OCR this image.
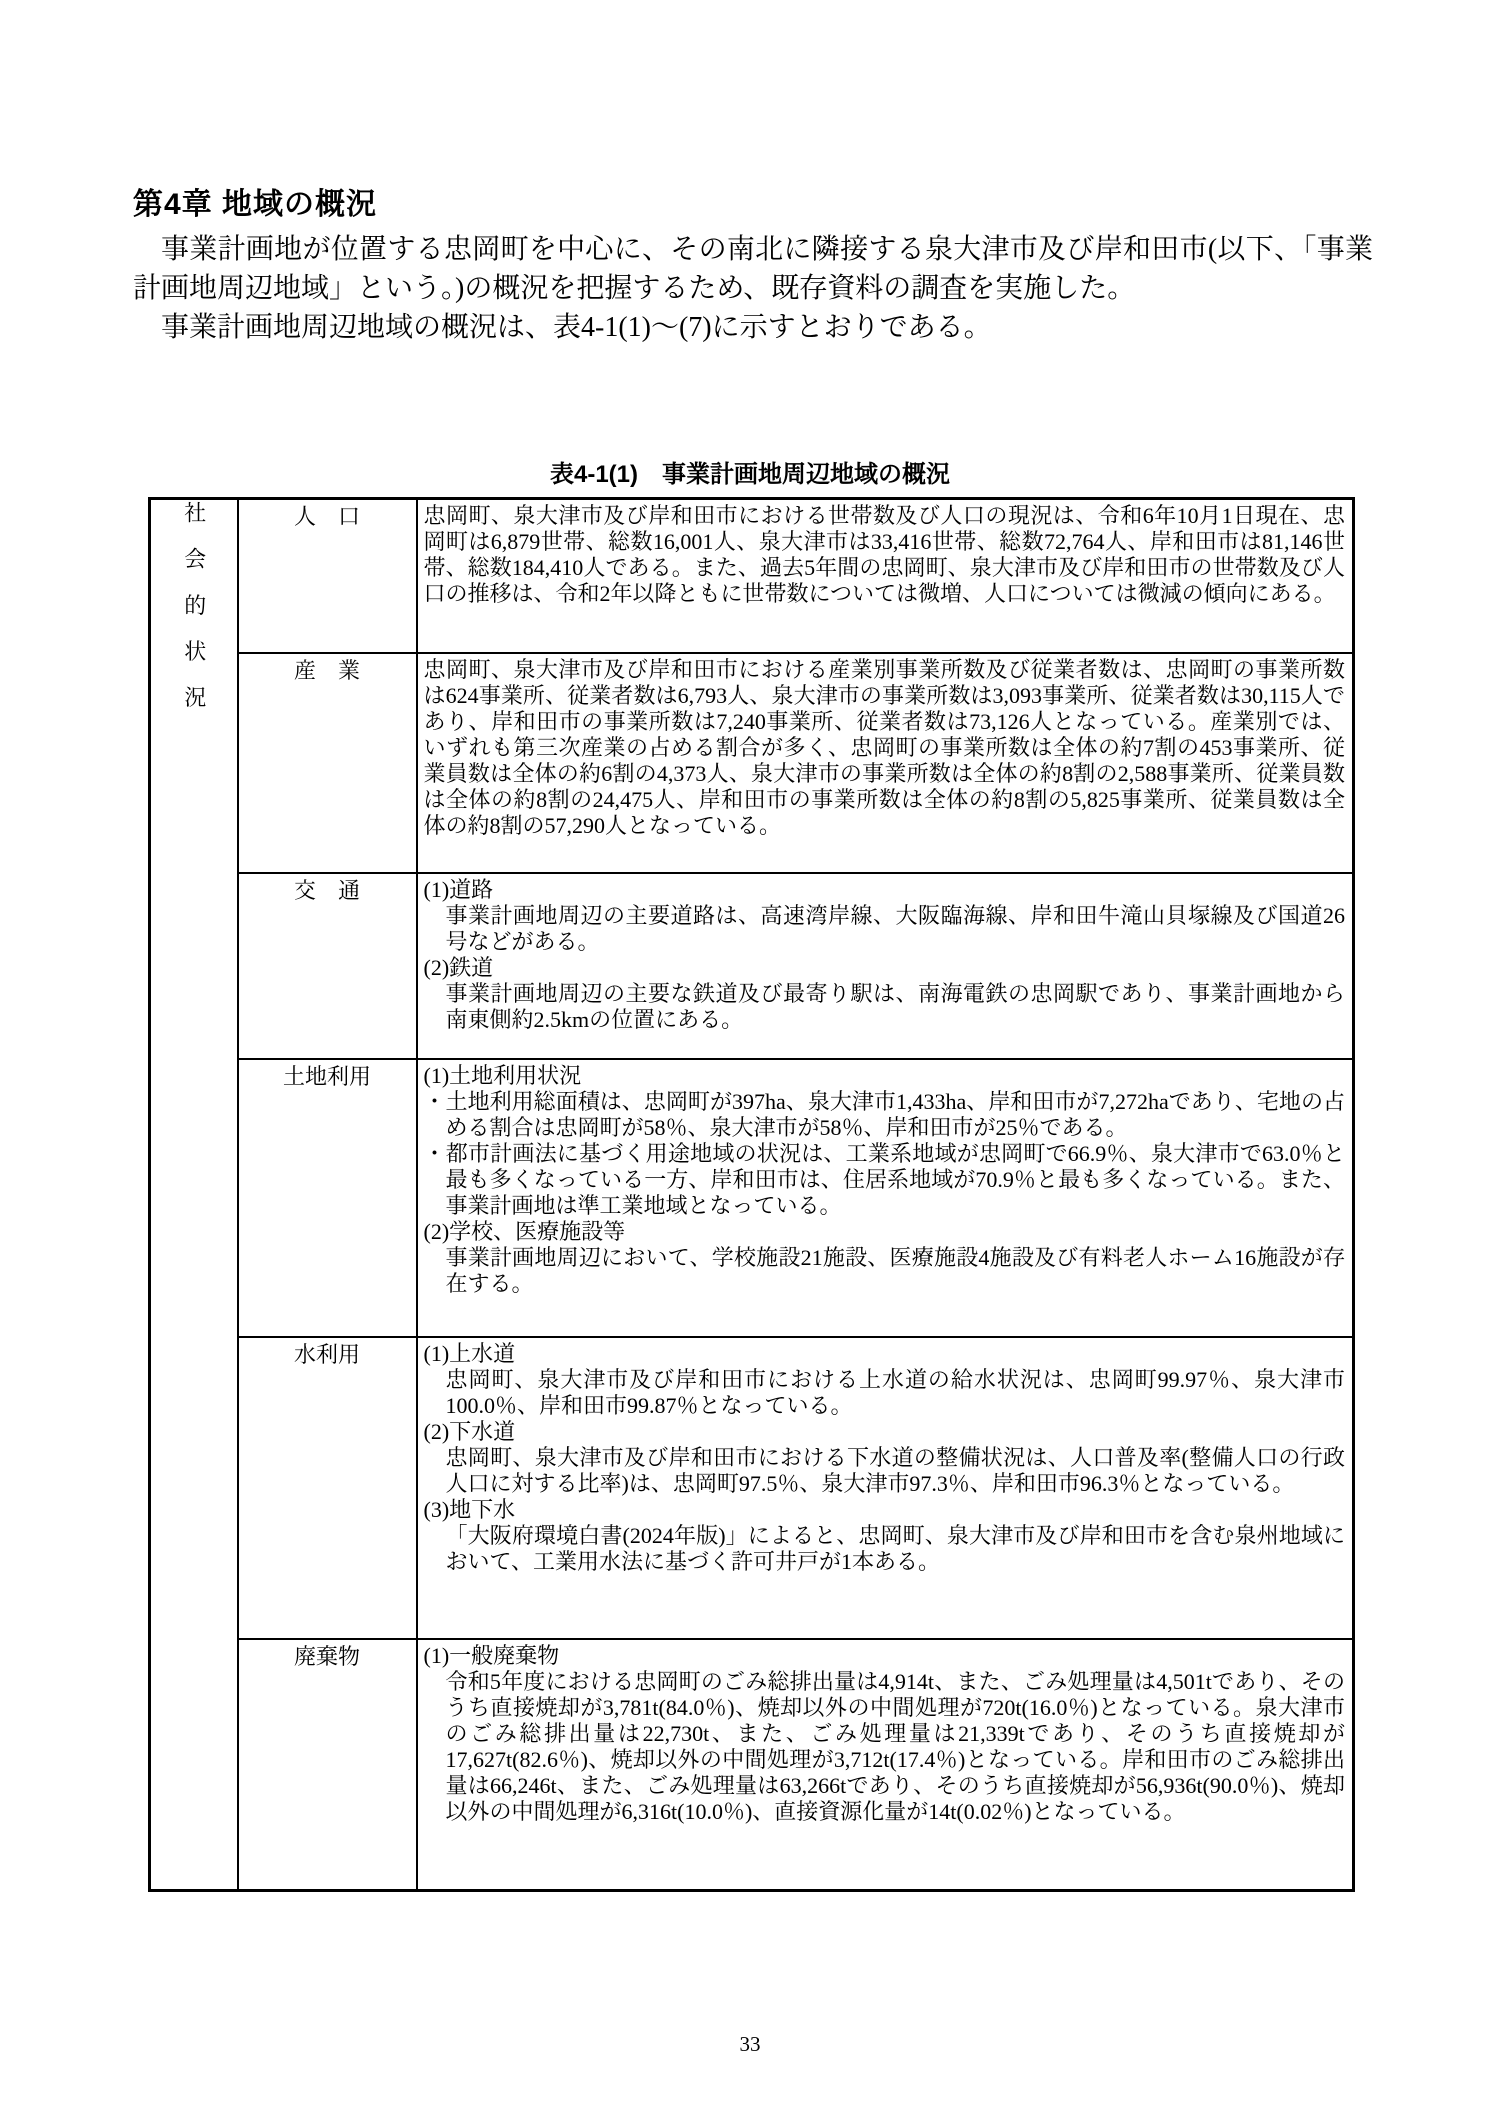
第4章 地域の概況

事業計画地が位置する忠岡町を中心に、その南北に隣接する泉大津市及び岸和田市(以下、「事業計画地周辺地域」という。)の概況を把握するため、既存資料の調査を実施した。

事業計画地周辺地域の概況は、表4-1(1)～(7)に示すとおりである。

表4-1(1)　事業計画地周辺地域の概況

社会的状況	人　口	忠岡町、泉大津市及び岸和田市における世帯数及び人口の現況は、令和6年10月1日現在、忠岡町は6,879世帯、総数16,001人、泉大津市は33,416世帯、総数72,764人、岸和田市は81,146世帯、総数184,410人である。また、過去5年間の忠岡町、泉大津市及び岸和田市の世帯数及び人口の推移は、令和2年以降ともに世帯数については微増、人口については微減の傾向にある。

	産　業	忠岡町、泉大津市及び岸和田市における産業別事業所数及び従業者数は、忠岡町の事業所数は624事業所、従業者数は6,793人、泉大津市の事業所数は3,093事業所、従業者数は30,115人であり、岸和田市の事業所数は7,240事業所、従業者数は73,126人となっている。産業別では、いずれも第三次産業の占める割合が多く、忠岡町の事業所数は全体の約7割の453事業所、従業員数は全体の約6割の4,373人、泉大津市の事業所数は全体の約8割の2,588事業所、従業員数は全体の約8割の24,475人、岸和田市の事業所数は全体の約8割の5,825事業所、従業員数は全体の約8割の57,290人となっている。

	交　通	(1)道路

事業計画地周辺の主要道路は、高速湾岸線、大阪臨海線、岸和田牛滝山貝塚線及び国道26号などがある。

(2)鉄道

事業計画地周辺の主要な鉄道及び最寄り駅は、南海電鉄の忠岡駅であり、事業計画地から南東側約2.5kmの位置にある。

	土地利用	(1)土地利用状況

・土地利用総面積は、忠岡町が397ha、泉大津市1,433ha、岸和田市が7,272haであり、宅地の占める割合は忠岡町が58％、泉大津市が58％、岸和田市が25％である。

・都市計画法に基づく用途地域の状況は、工業系地域が忠岡町で66.9％、泉大津市で63.0％と最も多くなっている一方、岸和田市は、住居系地域が70.9％と最も多くなっている。また、事業計画地は準工業地域となっている。

(2)学校、医療施設等

事業計画地周辺において、学校施設21施設、医療施設4施設及び有料老人ホーム16施設が存在する。

水利用	(1)上水道

忠岡町、泉大津市及び岸和田市における上水道の給水状況は、忠岡町99.97％、泉大津市100.0％、岸和田市99.87％となっている。

(2)下水道

忠岡町、泉大津市及び岸和田市における下水道の整備状況は、人口普及率(整備人口の行政人口に対する比率)は、忠岡町97.5％、泉大津市97.3％、岸和田市96.3％となっている。

(3)地下水

「大阪府環境白書(2024年版)」によると、忠岡町、泉大津市及び岸和田市を含む泉州地域において、工業用水法に基づく許可井戸が1本ある。

	廃棄物	(1)一般廃棄物

令和5年度における忠岡町のごみ総排出量は4,914t、また、ごみ処理量は4,501tであり、そのうち直接焼却が3,781t(84.0％)、焼却以外の中間処理が720t(16.0％)となっている。泉大津市のごみ総排出量は22,730t、また、ごみ処理量は21,339tであり、そのうち直接焼却が17,627t(82.6％)、焼却以外の中間処理が3,712t(17.4％)となっている。岸和田市のごみ総排出量は66,246t、また、ごみ処理量は63,266tであり、そのうち直接焼却が56,936t(90.0％)、焼却以外の中間処理が6,316t(10.0％)、直接資源化量が14t(0.02％)となっている。

33
